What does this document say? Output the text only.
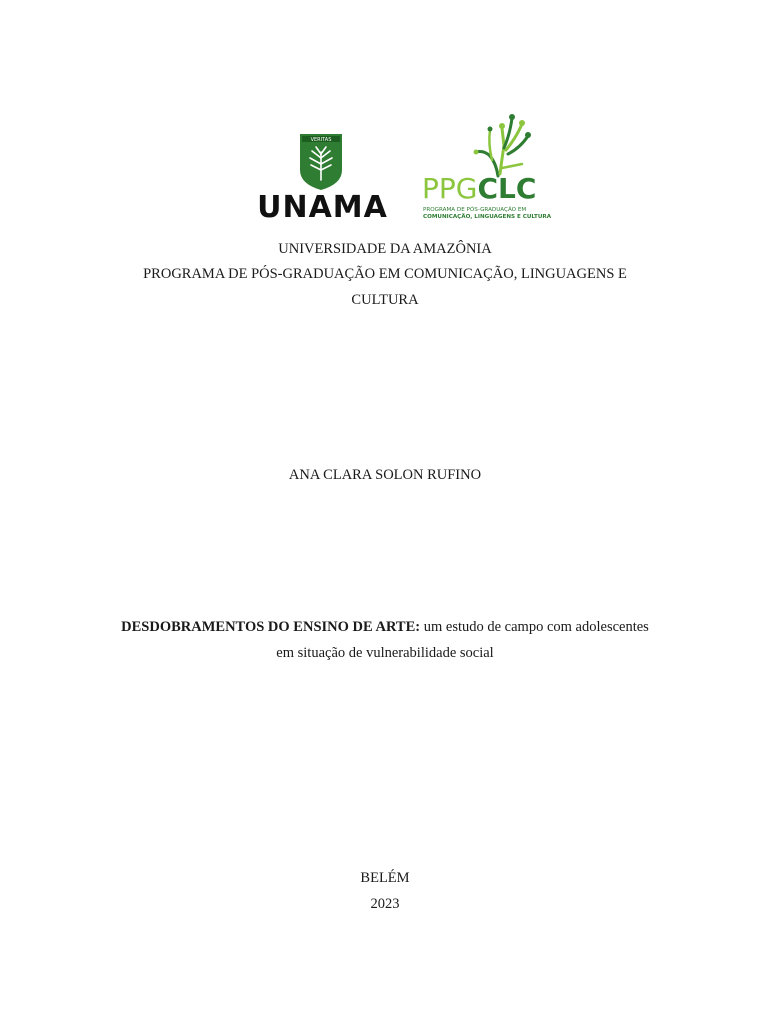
VERITAS
UNAMA
PPGCLC
PROGRAMA DE PÓS-GRADUAÇÃO EM
COMUNICAÇÃO, LINGUAGENS E CULTURA
UNIVERSIDADE DA AMAZÔNIA
PROGRAMA DE PÓS-GRADUAÇÃO EM COMUNICAÇÃO, LINGUAGENS E
CULTURA
ANA CLARA SOLON RUFINO
DESDOBRAMENTOS DO ENSINO DE ARTE: um estudo de campo com adolescentes
em situação de vulnerabilidade social
BELÉM
2023
